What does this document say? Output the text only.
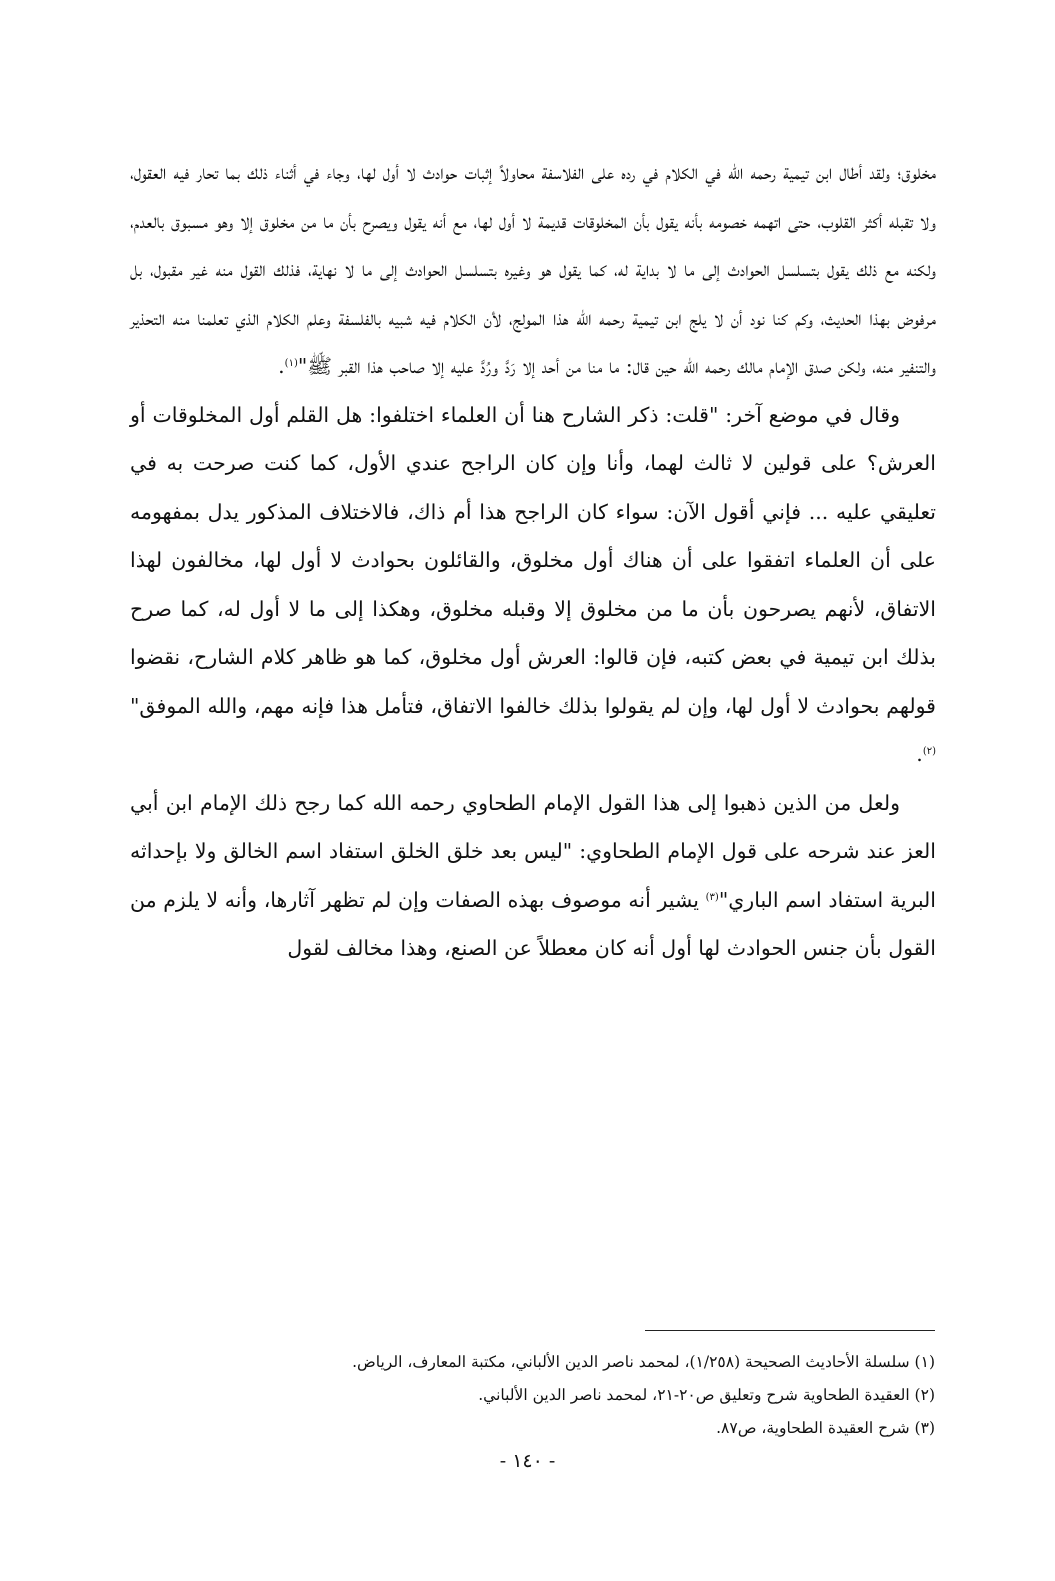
مخلوق؛ ولقد أطال ابن تيمية رحمه الله في الكلام في رده على الفلاسفة محاولاً إثبات حوادث لا أول لها، وجاء في أثناء ذلك بما تحار فيه العقول، ولا تقبله أكثر القلوب، حتى اتهمه خصومه بأنه يقول بأن المخلوقات قديمة لا أول لها، مع أنه يقول ويصرح بأن ما من مخلوق إلا وهو مسبوق بالعدم، ولكنه مع ذلك يقول بتسلسل الحوادث إلى ما لا بداية له، كما يقول هو وغيره بتسلسل الحوادث إلى ما لا نهاية، فذلك القول منه غير مقبول، بل مرفوض بهذا الحديث، وكم كنا نود أن لا يلج ابن تيمية رحمه الله هذا المولج، لأن الكلام فيه شبيه بالفلسفة وعلم الكلام الذي تعلمنا منه التحذير والتنفير منه، ولكن صدق الإمام مالك رحمه الله حين قال: ما منا من أحد إلا رَدَّ ورُدَّ عليه إلا صاحب هذا القبر ﷺ"$^{(١)}$.

وقال في موضع آخر: "قلت: ذكر الشارح هنا أن العلماء اختلفوا: هل القلم أول المخلوقات أو العرش؟ على قولين لا ثالث لهما، وأنا وإن كان الراجح عندي الأول، كما كنت صرحت به في تعليقي عليه ... فإني أقول الآن: سواء كان الراجح هذا أم ذاك، فالاختلاف المذكور يدل بمفهومه على أن العلماء اتفقوا على أن هناك أول مخلوق، والقائلون بحوادث لا أول لها، مخالفون لهذا الاتفاق، لأنهم يصرحون بأن ما من مخلوق إلا وقبله مخلوق، وهكذا إلى ما لا أول له، كما صرح بذلك ابن تيمية في بعض كتبه، فإن قالوا: العرش أول مخلوق، كما هو ظاهر كلام الشارح، نقضوا قولهم بحوادث لا أول لها، وإن لم يقولوا بذلك خالفوا الاتفاق، فتأمل هذا فإنه مهم، والله الموفق"$^{(٢)}$.

ولعل من الذين ذهبوا إلى هذا القول الإمام الطحاوي رحمه الله كما رجح ذلك الإمام ابن أبي العز عند شرحه على قول الإمام الطحاوي: "ليس بعد خلق الخلق استفاد اسم الخالق ولا بإحداثه البرية استفاد اسم الباري"$^{(٣)}$ يشير أنه موصوف بهذه الصفات وإن لم تظهر آثارها، وأنه لا يلزم من القول بأن جنس الحوادث لها أول أنه كان معطلاً عن الصنع، وهذا مخالف لقول

(١) سلسلة الأحاديث الصحيحة (١/٢٥٨)، لمحمد ناصر الدين الألباني، مكتبة المعارف، الرياض.

(٢) العقيدة الطحاوية شرح وتعليق ص٢٠-٢١، لمحمد ناصر الدين الألباني.

(٣) شرح العقيدة الطحاوية، ص٨٧.

- ١٤٠ -
